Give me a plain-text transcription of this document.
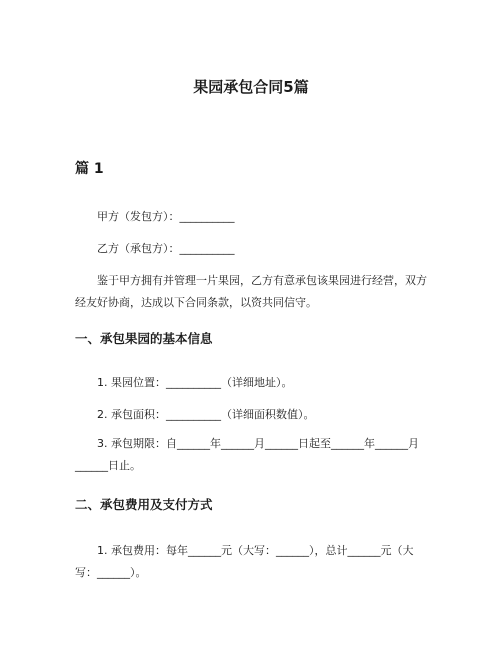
果园承包合同5篇
篇 1

甲方（发包方）：__________

乙方（承包方）：__________

鉴于甲方拥有并管理一片果园，乙方有意承包该果园进行经营，双方经友好协商，达成以下合同条款，以资共同信守。

一、承包果园的基本信息

1. 果园位置：__________（详细地址）。

2. 承包面积：__________（详细面积数值）。

3. 承包期限：自______年______月______日起至______年______月______日止。

二、承包费用及支付方式

1. 承包费用：每年______元（大写：______），总计______元（大写：______）。
